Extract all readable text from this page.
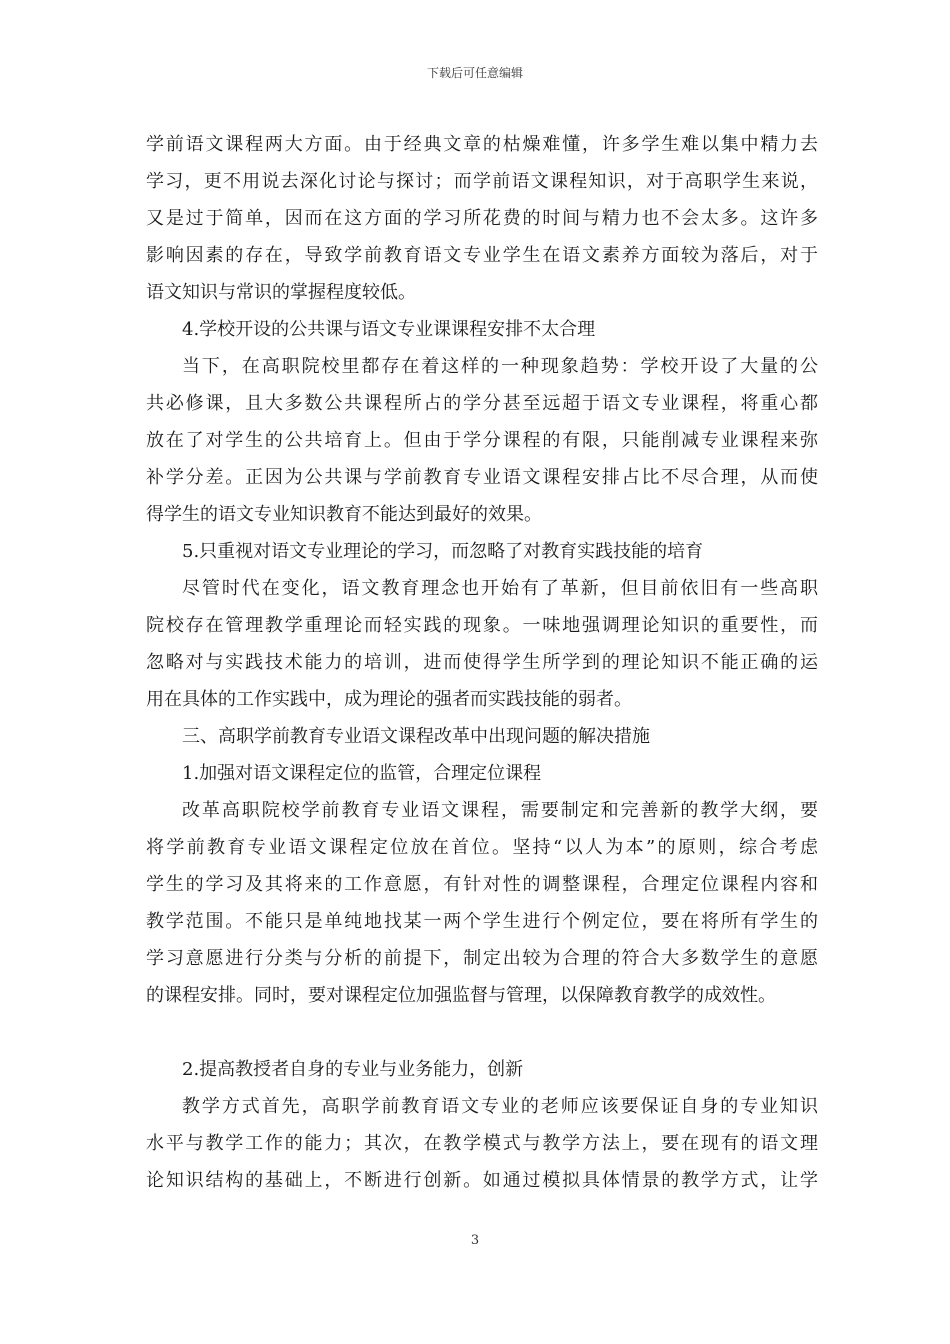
下载后可任意编辑
学前语文课程两大方面。由于经典文章的枯燥难懂，许多学生难以集中精力去
学习，更不用说去深化讨论与探讨；而学前语文课程知识，对于高职学生来说，
又是过于简单，因而在这方面的学习所花费的时间与精力也不会太多。这许多
影响因素的存在，导致学前教育语文专业学生在语文素养方面较为落后，对于
语文知识与常识的掌握程度较低。
4.学校开设的公共课与语文专业课课程安排不太合理
当下，在高职院校里都存在着这样的一种现象趋势：学校开设了大量的公
共必修课，且大多数公共课程所占的学分甚至远超于语文专业课程，将重心都
放在了对学生的公共培育上。但由于学分课程的有限，只能削减专业课程来弥
补学分差。正因为公共课与学前教育专业语文课程安排占比不尽合理，从而使
得学生的语文专业知识教育不能达到最好的效果。
5.只重视对语文专业理论的学习，而忽略了对教育实践技能的培育
尽管时代在变化，语文教育理念也开始有了革新，但目前依旧有一些高职
院校存在管理教学重理论而轻实践的现象。一味地强调理论知识的重要性，而
忽略对与实践技术能力的培训，进而使得学生所学到的理论知识不能正确的运
用在具体的工作实践中，成为理论的强者而实践技能的弱者。
三、高职学前教育专业语文课程改革中出现问题的解决措施
1.加强对语文课程定位的监管，合理定位课程
改革高职院校学前教育专业语文课程，需要制定和完善新的教学大纲，要
将学前教育专业语文课程定位放在首位。坚持“以人为本”的原则，综合考虑
学生的学习及其将来的工作意愿，有针对性的调整课程，合理定位课程内容和
教学范围。不能只是单纯地找某一两个学生进行个例定位，要在将所有学生的
学习意愿进行分类与分析的前提下，制定出较为合理的符合大多数学生的意愿
的课程安排。同时，要对课程定位加强监督与管理，以保障教育教学的成效性。
2.提高教授者自身的专业与业务能力，创新
教学方式首先，高职学前教育语文专业的老师应该要保证自身的专业知识
水平与教学工作的能力；其次，在教学模式与教学方法上，要在现有的语文理
论知识结构的基础上，不断进行创新。如通过模拟具体情景的教学方式，让学
3
